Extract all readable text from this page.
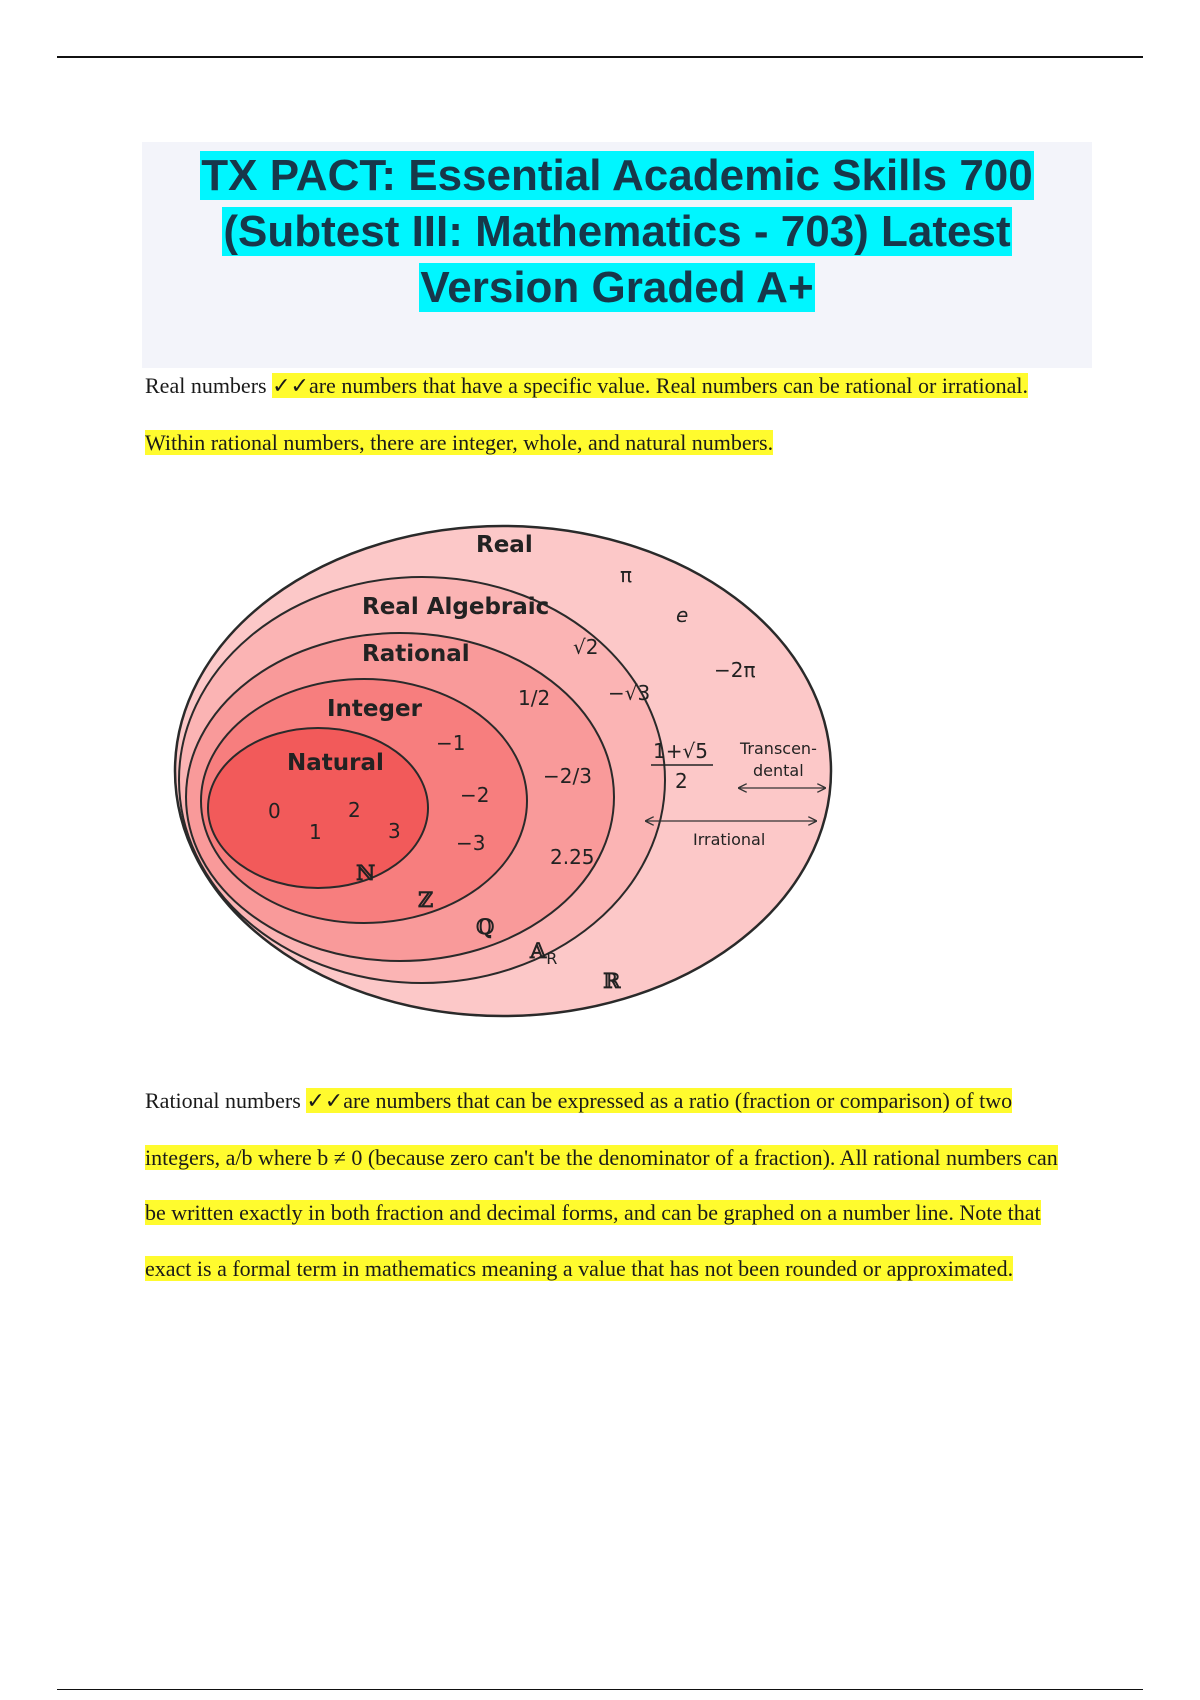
TX PACT: Essential Academic Skills 700
(Subtest III: Mathematics - 703) Latest
Version Graded A+

Real numbers ✓✓are numbers that have a specific value. Real numbers can be rational or irrational. Within rational numbers, there are integer, whole, and natural numbers.

Real
Real Algebraic
Rational
Integer
Natural
0
1
2
3
ℕ
−1
−2
−3
ℤ
1/2
−2/3
2.25
ℚ
√2
−√3
1+√5
2
𝔸$_R$
π
e
−2π
ℝ
Transcen-
dental
Irrational

Rational numbers ✓✓are numbers that can be expressed as a ratio (fraction or comparison) of two integers, a/b where b ≠ 0 (because zero can't be the denominator of a fraction). All rational numbers can be written exactly in both fraction and decimal forms, and can be graphed on a number line. Note that exact is a formal term in mathematics meaning a value that has not been rounded or approximated.
